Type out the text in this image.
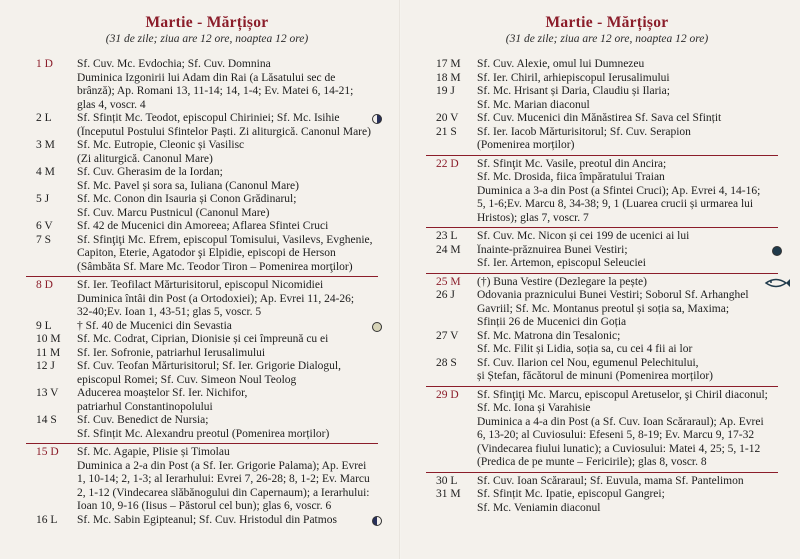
Martie - Mărțișor
(31 de zile; ziua are 12 ore, noaptea 12 ore)
1 D	Sf. Cuv. Mc. Evdochia; Sf. Cuv. Domnina
Duminica Izgonirii lui Adam din Rai (a Lăsatului sec de
brânză); Ap. Romani 13, 11-14; 14, 1-4; Ev. Matei 6, 14-21;
glas 4, voscr. 4
2 L	Sf. Sfințit Mc. Teodot, episcopul Chiriniei; Sf. Mc. Isihie
(Începutul Postului Sfintelor Paști. Zi aliturgică. Canonul Mare)
3 M	Sf. Mc. Eutropie, Cleonic și Vasilisc
(Zi aliturgică. Canonul Mare)
4 M	Sf. Cuv. Gherasim de la Iordan;
Sf. Mc. Pavel și sora sa, Iuliana (Canonul Mare)
5 J	Sf. Mc. Conon din Isauria și Conon Grădinarul;
Sf. Cuv. Marcu Pustnicul (Canonul Mare)
6 V	Sf. 42 de Mucenici din Amoreea; Aflarea Sfintei Cruci
7 S	Sf. Sfinţiţi Mc. Efrem, episcopul Tomisului, Vasilevs, Evghenie,
Capiton, Eterie, Agatodor şi Elpidie, episcopi de Herson
(Sâmbăta Sf. Mare Mc. Teodor Tiron – Pomenirea morţilor)
8 D	Sf. Ier. Teofilact Mărturisitorul, episcopul Nicomidiei
Duminica întâi din Post (a Ortodoxiei); Ap. Evrei 11, 24-26;
32-40;Ev. Ioan 1, 43-51; glas 5, voscr. 5
9 L	† Sf. 40 de Mucenici din Sevastia
10 M	Sf. Mc. Codrat, Ciprian, Dionisie și cei împreună cu ei
11 M	Sf. Ier. Sofronie, patriarhul Ierusalimului
12 J	Sf. Cuv. Teofan Mărturisitorul; Sf. Ier. Grigorie Dialogul,
episcopul Romei; Sf. Cuv. Simeon Noul Teolog
13 V	Aducerea moaștelor Sf. Ier. Nichifor,
patriarhul Constantinopolului
14 S	Sf. Cuv. Benedict de Nursia;
Sf. Sfințit Mc. Alexandru preotul (Pomenirea morților)
15 D	Sf. Mc. Agapie, Plisie și Timolau
Duminica a 2-a din Post (a Sf. Ier. Grigorie Palama); Ap. Evrei
1, 10-14; 2, 1-3; al Ierarhului: Evrei 7, 26-28; 8, 1-2; Ev. Marcu
2, 1-12 (Vindecarea slăbănogului din Capernaum); a Ierarhului:
Ioan 10, 9-16 (Iisus – Păstorul cel bun); glas 6, voscr. 6
16 L	Sf. Mc. Sabin Egipteanul; Sf. Cuv. Hristodul din Patmos
Martie - Mărțișor
(31 de zile; ziua are 12 ore, noaptea 12 ore)
17 M	Sf. Cuv. Alexie, omul lui Dumnezeu
18 M	Sf. Ier. Chiril, arhiepiscopul Ierusalimului
19 J	Sf. Mc. Hrisant și Daria, Claudiu și Ilaria;
Sf. Mc. Marian diaconul
20 V	Sf. Cuv. Mucenici din Mănăstirea Sf. Sava cel Sfințit
21 S	Sf. Ier. Iacob Mărturisitorul; Sf. Cuv. Serapion
(Pomenirea morților)
22 D	Sf. Sfinţit Mc. Vasile, preotul din Ancira;
Sf. Mc. Drosida, fiica împăratului Traian
Duminica a 3-a din Post (a Sfintei Cruci); Ap. Evrei 4, 14-16;
5, 1-6;Ev. Marcu 8, 34-38; 9, 1 (Luarea crucii și urmarea lui
Hristos); glas 7, voscr. 7
23 L	Sf. Cuv. Mc. Nicon și cei 199 de ucenici ai lui
24 M	Înainte-prăznuirea Bunei Vestiri;
Sf. Ier. Artemon, episcopul Seleuciei
25 M	(†) Buna Vestire (Dezlegare la pește)
26 J	Odovania praznicului Bunei Vestiri; Soborul Sf. Arhanghel
Gavriil; Sf. Mc. Montanus preotul și soția sa, Maxima;
Sfinții 26 de Mucenici din Goția
27 V	Sf. Mc. Matrona din Tesalonic;
Sf. Mc. Filit și Lidia, soția sa, cu cei 4 fii ai lor
28 S	Sf. Cuv. Ilarion cel Nou, egumenul Pelechitului,
și Ștefan, făcătorul de minuni (Pomenirea morților)
29 D	Sf. Sfinţiţi Mc. Marcu, episcopul Aretuselor, şi Chiril diaconul;
Sf. Mc. Iona și Varahisie
Duminica a 4-a din Post (a Sf. Cuv. Ioan Scăraraul); Ap. Evrei
6, 13-20; al Cuviosului: Efeseni 5, 8-19; Ev. Marcu 9, 17-32
(Vindecarea fiului lunatic); a Cuviosului: Matei 4, 25; 5, 1-12
(Predica de pe munte – Fericirile); glas 8, voscr. 8
30 L	Sf. Cuv. Ioan Scăraraul; Sf. Euvula, mama Sf. Pantelimon
31 M	Sf. Sfințit Mc. Ipatie, episcopul Gangrei;
Sf. Mc. Veniamin diaconul
